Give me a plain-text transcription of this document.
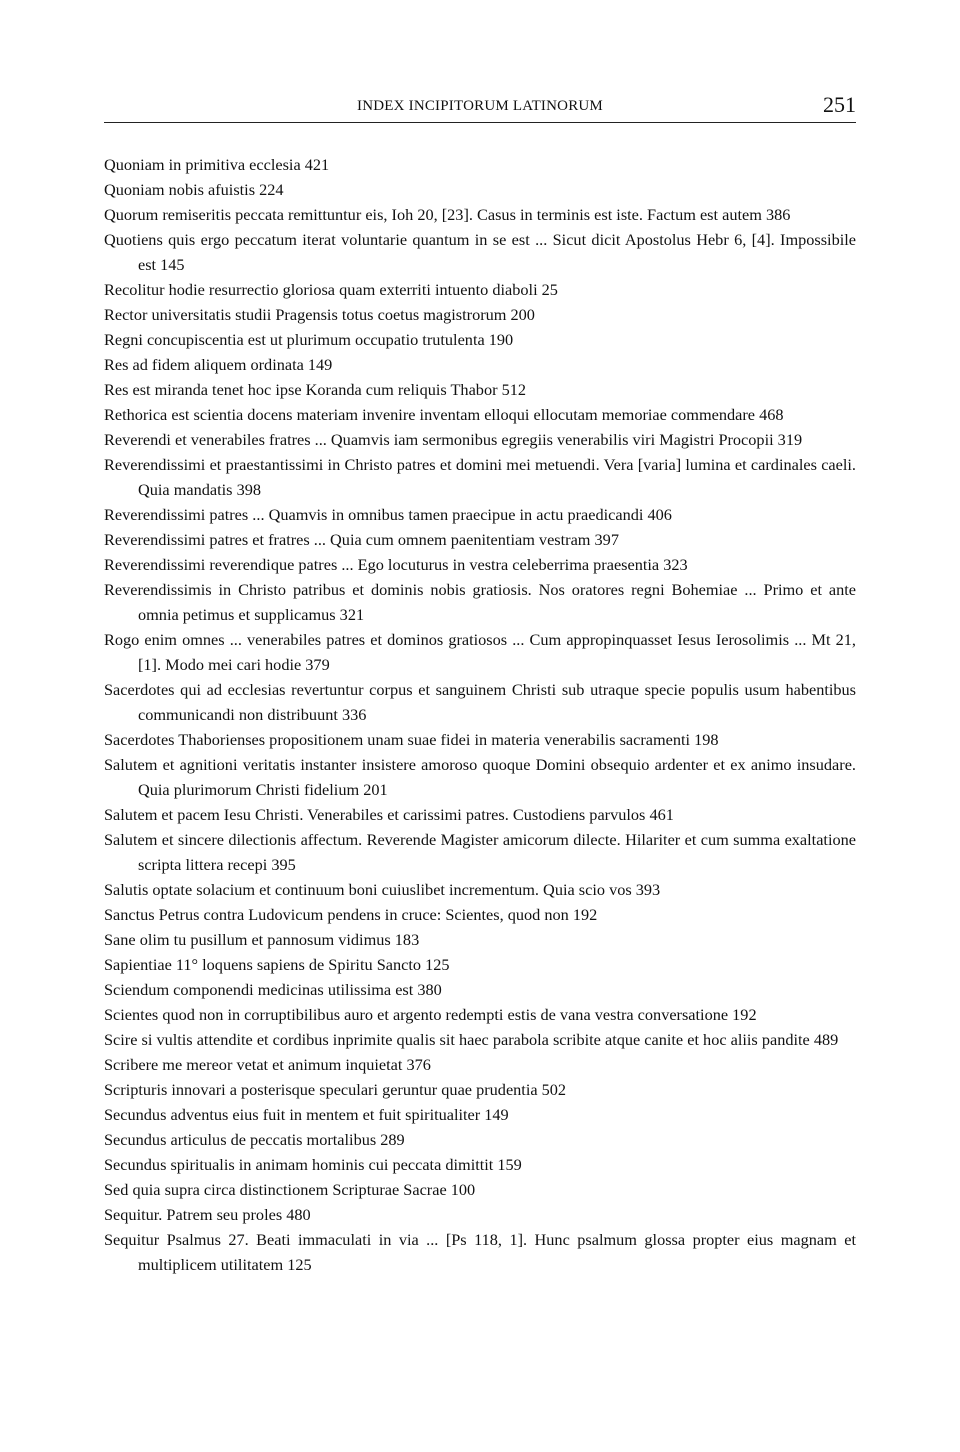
INDEX INCIPITORUM LATINORUM	251
Quoniam in primitiva ecclesia 421
Quoniam nobis afuistis 224
Quorum remiseritis peccata remittuntur eis, Ioh 20, [23]. Casus in terminis est iste. Factum est autem 386
Quotiens quis ergo peccatum iterat voluntarie quantum in se est ... Sicut dicit Apostolus Hebr 6, [4]. Impossibile est 145
Recolitur hodie resurrectio gloriosa quam exterriti intuento diaboli 25
Rector universitatis studii Pragensis totus coetus magistrorum 200
Regni concupiscentia est ut plurimum occupatio trutulenta 190
Res ad fidem aliquem ordinata 149
Res est miranda tenet hoc ipse Koranda cum reliquis Thabor 512
Rethorica est scientia docens materiam invenire inventam elloqui ellocutam memoriae commendare 468
Reverendi et venerabiles fratres ... Quamvis iam sermonibus egregiis venerabilis viri Magistri Procopii 319
Reverendissimi et praestantissimi in Christo patres et domini mei metuendi. Vera [varia] lumina et cardinales caeli. Quia mandatis 398
Reverendissimi patres ... Quamvis in omnibus tamen praecipue in actu praedicandi 406
Reverendissimi patres et fratres ... Quia cum omnem paenitentiam vestram 397
Reverendissimi reverendique patres ... Ego locuturus in vestra celeberrima praesentia 323
Reverendissimis in Christo patribus et dominis nobis gratiosis. Nos oratores regni Bohemiae ... Primo et ante omnia petimus et supplicamus 321
Rogo enim omnes ... venerabiles patres et dominos gratiosos ... Cum appropinquasset Iesus Ierosolimis ... Mt 21, [1]. Modo mei cari hodie 379
Sacerdotes qui ad ecclesias revertuntur corpus et sanguinem Christi sub utraque specie populis usum habentibus communicandi non distribuunt 336
Sacerdotes Thaborienses propositionem unam suae fidei in materia venerabilis sacramenti 198
Salutem et agnitioni veritatis instanter insistere amoroso quoque Domini obsequio ardenter et ex animo insudare. Quia plurimorum Christi fidelium 201
Salutem et pacem Iesu Christi. Venerabiles et carissimi patres. Custodiens parvulos 461
Salutem et sincere dilectionis affectum. Reverende Magister amicorum dilecte. Hilariter et cum summa exaltatione scripta littera recepi 395
Salutis optate solacium et continuum boni cuiuslibet incrementum. Quia scio vos 393
Sanctus Petrus contra Ludovicum pendens in cruce: Scientes, quod non 192
Sane olim tu pusillum et pannosum vidimus 183
Sapientiae 11° loquens sapiens de Spiritu Sancto 125
Sciendum componendi medicinas utilissima est 380
Scientes quod non in corruptibilibus auro et argento redempti estis de vana vestra conversatione 192
Scire si vultis attendite et cordibus inprimite qualis sit haec parabola scribite atque canite et hoc aliis pandite 489
Scribere me mereor vetat et animum inquietat 376
Scripturis innovari a posterisque speculari geruntur quae prudentia 502
Secundus adventus eius fuit in mentem et fuit spiritualiter 149
Secundus articulus de peccatis mortalibus 289
Secundus spiritualis in animam hominis cui peccata dimittit 159
Sed quia supra circa distinctionem Scripturae Sacrae 100
Sequitur. Patrem seu proles 480
Sequitur Psalmus 27. Beati immaculati in via ... [Ps 118, 1]. Hunc psalmum glossa propter eius magnam et multiplicem utilitatem 125
